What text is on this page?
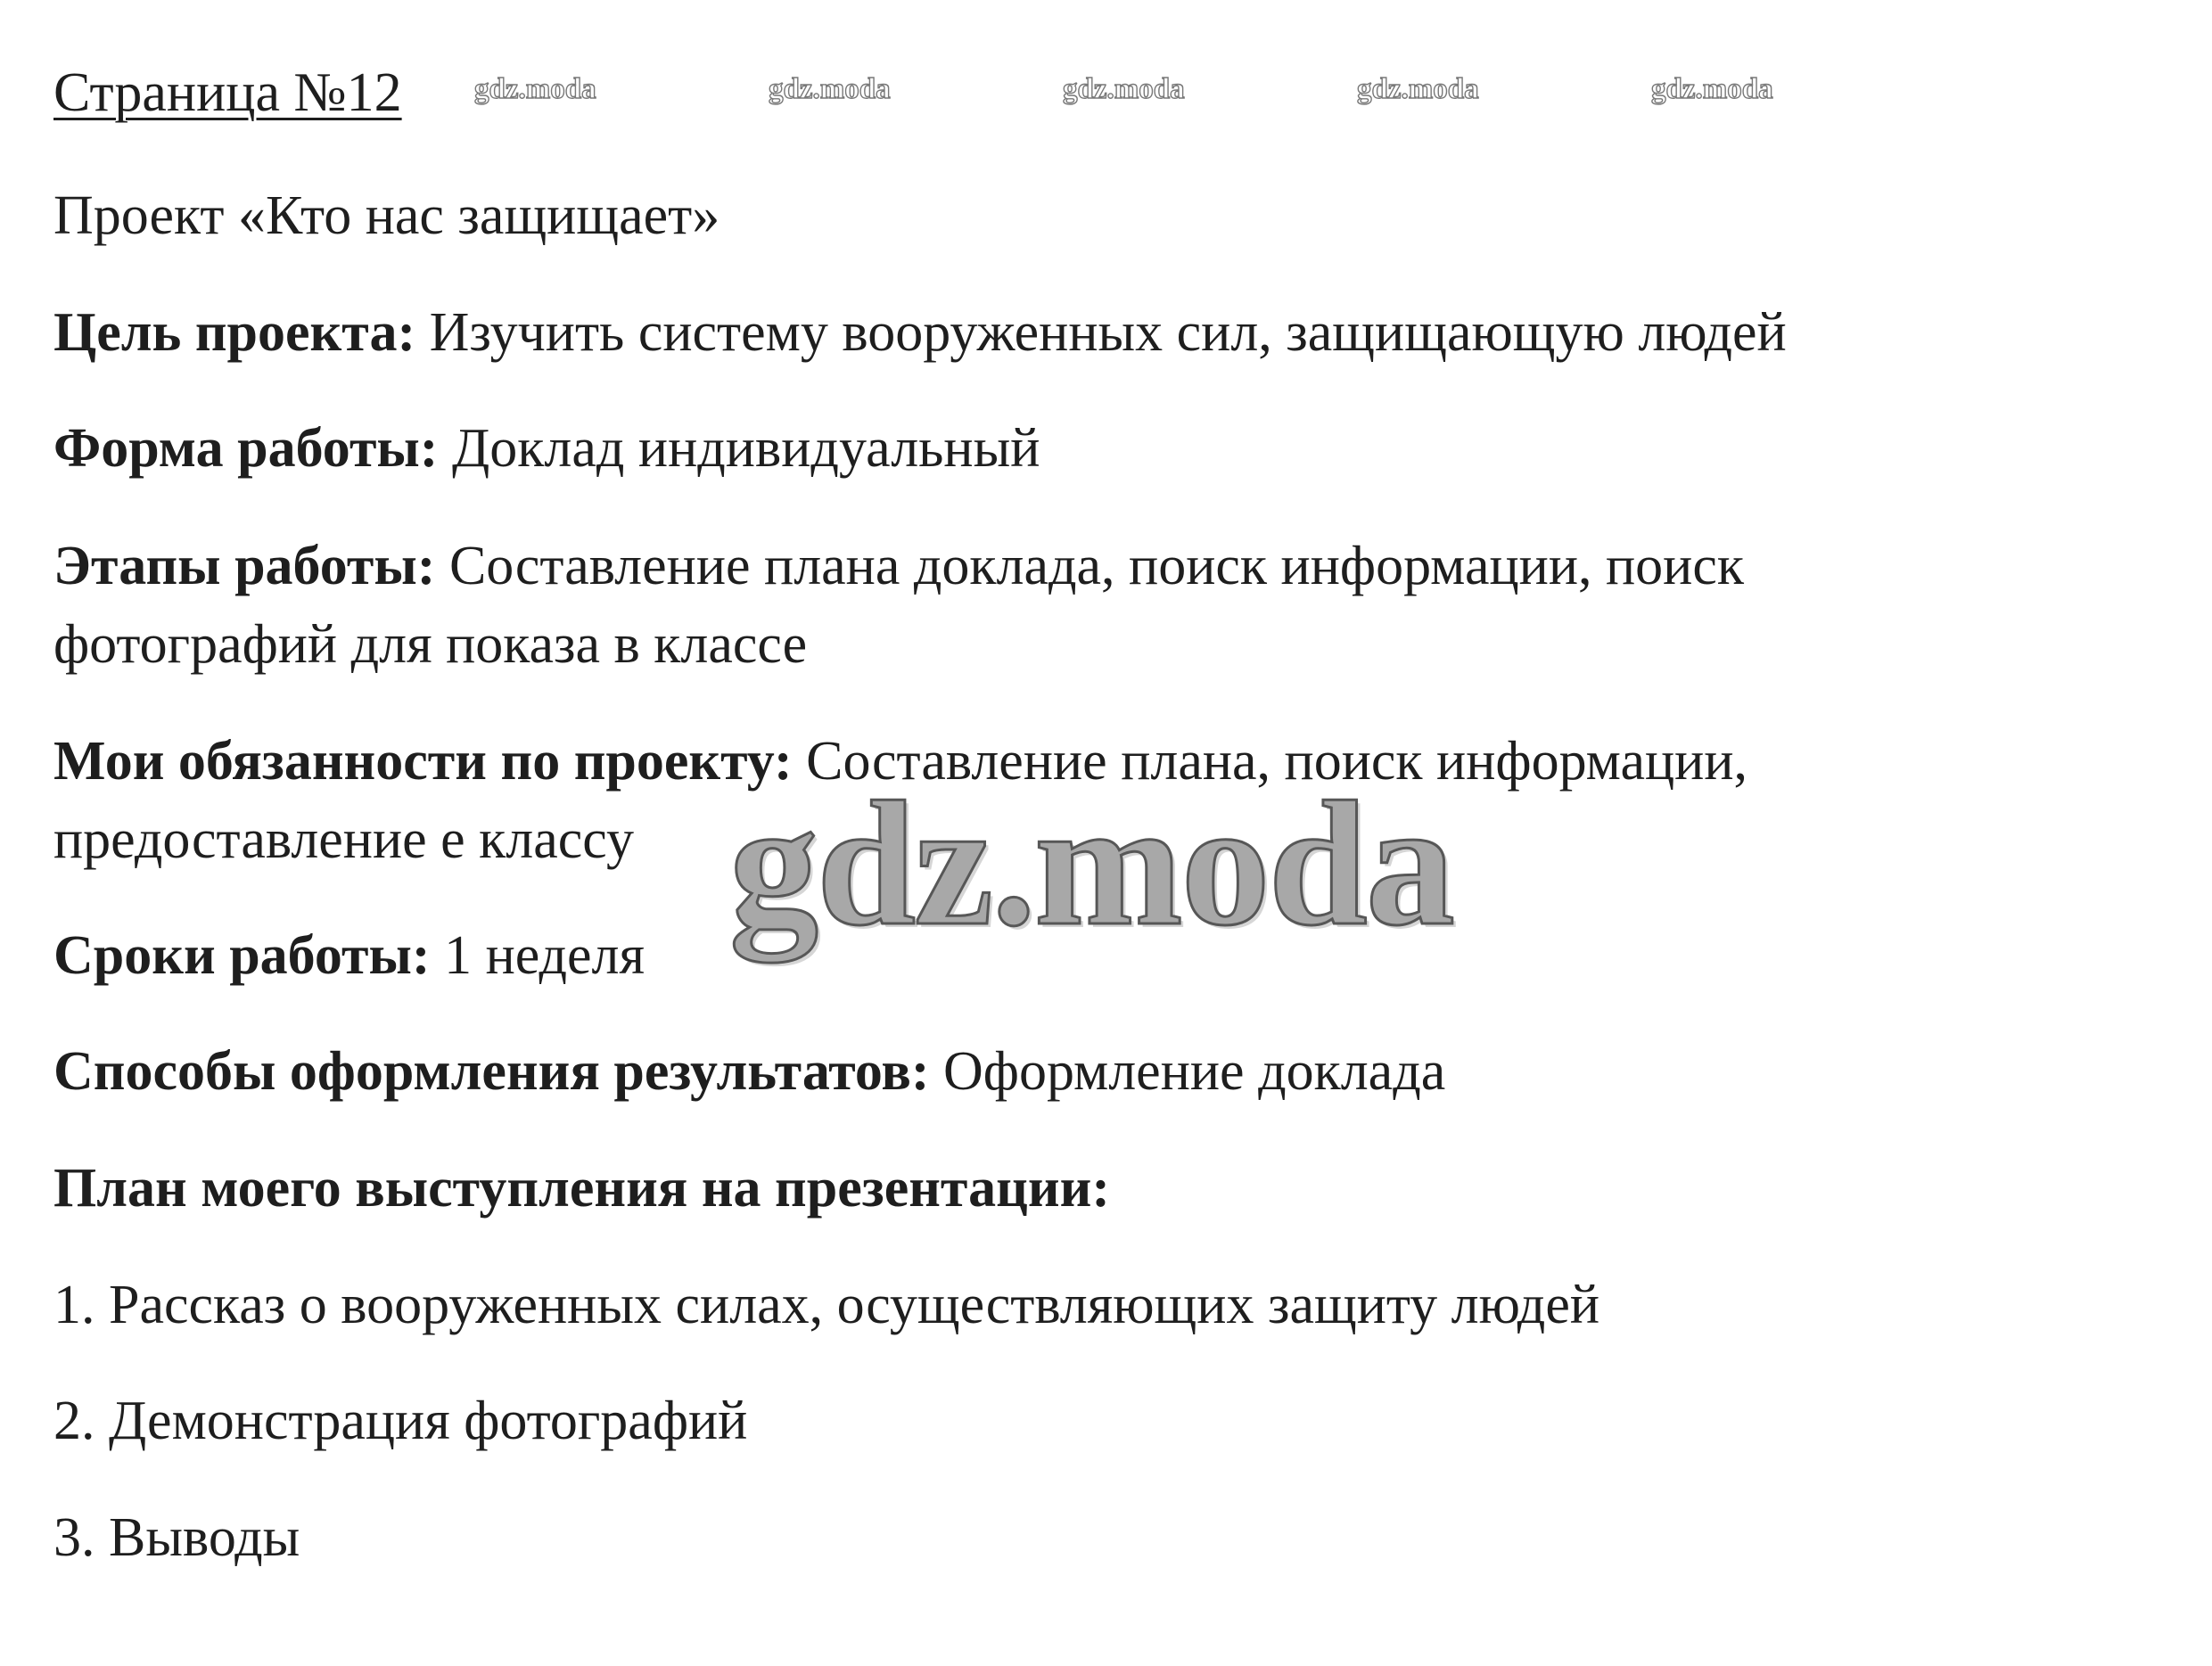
Страница №12
Проект «Кто нас защищает»
Цель проекта: Изучить систему вооруженных сил, защищающую людей
Форма работы: Доклад индивидуальный
Этапы работы: Составление плана доклада, поиск информации, поиск
фотографий для показа в классе
Мои обязанности по проекту: Составление плана, поиск информации,
предоставление е классу
Сроки работы: 1 неделя
Способы оформления результатов: Оформление доклада
План моего выступления на презентации:
1. Рассказ о вооруженных силах, осуществляющих защиту людей
2. Демонстрация фотографий
3. Выводы
gdz.moda	gdz.moda	gdz.moda	gdz.moda	gdz.moda
gdz.moda
